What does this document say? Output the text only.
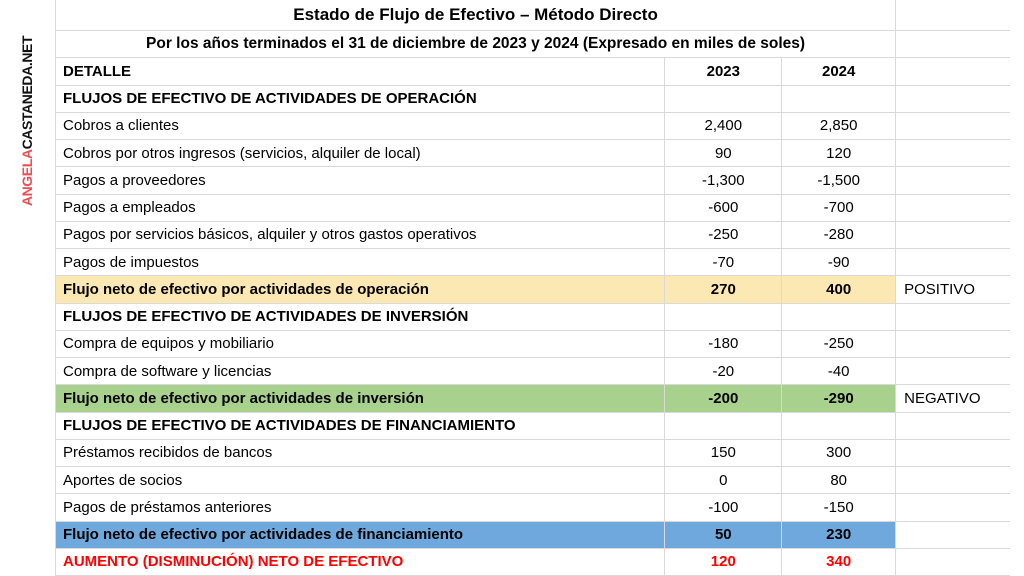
ANGELACASTANEDA.NET
Estado de Flujo de Efectivo – Método Directo
Por los años terminados el 31 de diciembre de 2023 y 2024 (Expresado en miles de soles)
DETALLE	2023	2024
FLUJOS DE EFECTIVO DE ACTIVIDADES DE OPERACIÓN
Cobros a clientes	2,400	2,850
Cobros por otros ingresos (servicios, alquiler de local)	90	120
Pagos a proveedores	-1,300	-1,500
Pagos a empleados	-600	-700
Pagos por servicios básicos, alquiler y otros gastos operativos	-250	-280
Pagos de impuestos	-70	-90
Flujo neto de efectivo por actividades de operación	270	400	POSITIVO
FLUJOS DE EFECTIVO DE ACTIVIDADES DE INVERSIÓN
Compra de equipos y mobiliario	-180	-250
Compra de software y licencias	-20	-40
Flujo neto de efectivo por actividades de inversión	-200	-290	NEGATIVO
FLUJOS DE EFECTIVO DE ACTIVIDADES DE FINANCIAMIENTO
Préstamos recibidos de bancos	150	300
Aportes de socios	0	80
Pagos de préstamos anteriores	-100	-150
Flujo neto de efectivo por actividades de financiamiento	50	230
AUMENTO (DISMINUCIÓN) NETO DE EFECTIVO	120	340
